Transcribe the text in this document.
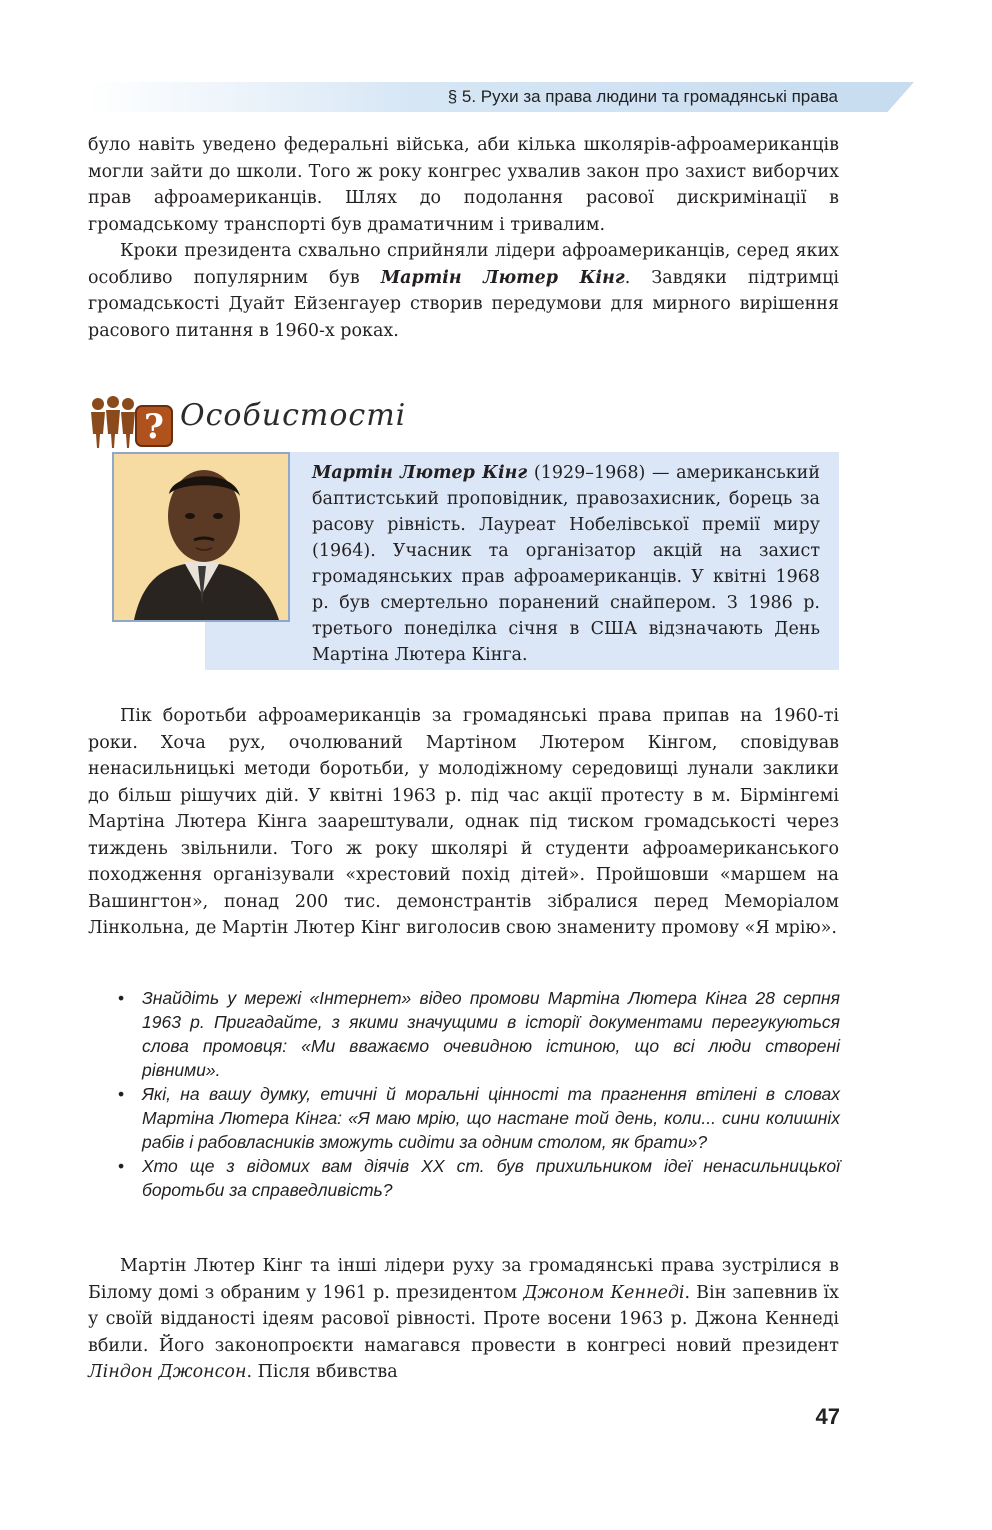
§ 5. Рухи за права людини та громадянські права

було навіть уведено федеральні війська, аби кілька школярів-афроамериканців могли зайти до школи. Того ж року конгрес ухвалив закон про захист виборчих прав афроамериканців. Шлях до подолання расової дискримінації в громадському транспорті був драматичним і тривалим.

Кроки президента схвально сприйняли лідери афроамериканців, серед яких особливо популярним був Мартін Лютер Кінг. Завдяки підтримці громадськості Дуайт Ейзенгауер створив передумови для мирного вирішення расового питання в 1960-х роках.

? Особистості
Мартін Лютер Кінг (1929–1968) — американський баптистський проповідник, правозахисник, борець за расову рівність. Лауреат Нобелівської премії миру (1964). Учасник та організатор акцій на захист громадянських прав афроамериканців. У квітні 1968 р. був смертельно поранений снайпером. З 1986 р. третього понеділка січня в США відзначають День Мартіна Лютера Кінга.

Пік боротьби афроамериканців за громадянські права припав на 1960-ті роки. Хоча рух, очолюваний Мартіном Лютером Кінгом, сповідував ненасильницькі методи боротьби, у молодіжному середовищі лунали заклики до більш рішучих дій. У квітні 1963 р. під час акції протесту в м. Бірмінгемі Мартіна Лютера Кінга заарештували, однак під тиском громадськості через тиждень звільнили. Того ж року школярі й студенти афроамериканського походження організували «хрестовий похід дітей». Пройшовши «маршем на Вашингтон», понад 200 тис. демонстрантів зібралися перед Меморіалом Лінкольна, де Мартін Лютер Кінг виголосив свою знамениту промову «Я мрію».

• Знайдіть у мережі «Інтернет» відео промови Мартіна Лютера Кінга 28 серпня 1963 р. Пригадайте, з якими значущими в історії документами перегукуються слова промовця: «Ми вважаємо очевидною істиною, що всі люди створені рівними».
• Які, на вашу думку, етичні й моральні цінності та прагнення втілені в словах Мартіна Лютера Кінга: «Я маю мрію, що настане той день, коли... сини колишніх рабів і рабовласників зможуть сидіти за одним столом, як брати»?
• Хто ще з відомих вам діячів XX ст. був прихильником ідеї ненасильницької боротьби за справедливість?

Мартін Лютер Кінг та інші лідери руху за громадянські права зустрілися в Білому домі з обраним у 1961 р. президентом Джоном Кеннеді. Він запевнив їх у своїй відданості ідеям расової рівності. Проте восени 1963 р. Джона Кеннеді вбили. Його законопроєкти намагався провести в конгресі новий президент Ліндон Джонсон. Після вбивства

47
